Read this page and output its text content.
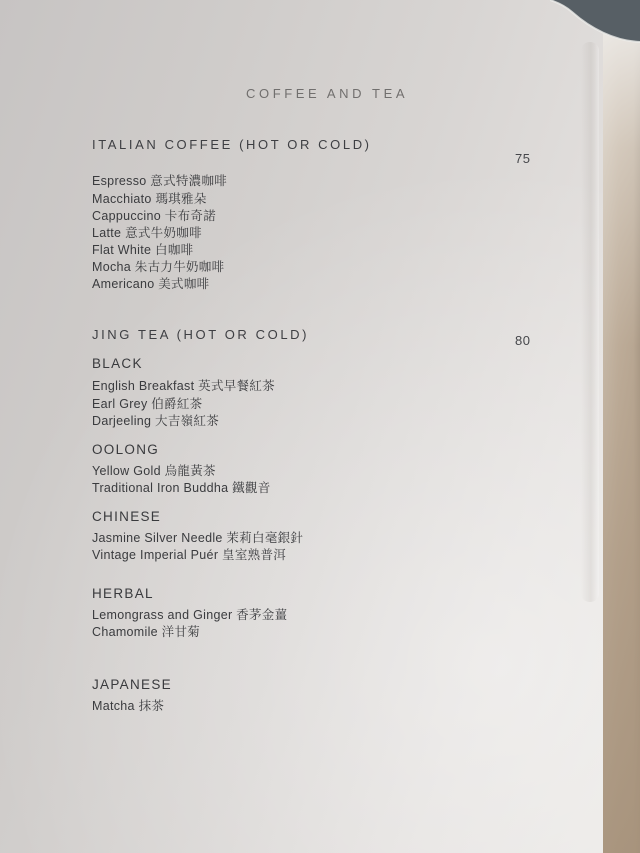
COFFEE AND TEA
ITALIAN COFFEE (HOT OR COLD)
75
Espresso 意式特濃咖啡
Macchiato 瑪琪雅朵
Cappuccino 卡布奇諾
Latte 意式牛奶咖啡
Flat White 白咖啡
Mocha 朱古力牛奶咖啡
Americano 美式咖啡
JING TEA (HOT OR COLD)	80
BLACK
English Breakfast 英式早餐紅茶
Earl Grey 伯爵紅茶
Darjeeling 大吉嶺紅茶
OOLONG
Yellow Gold 烏龍黃茶
Traditional Iron Buddha 鐵觀音
CHINESE
Jasmine Silver Needle 茉莉白毫銀針
Vintage Imperial Puér 皇室熟普洱
HERBAL
Lemongrass and Ginger 香茅金薑
Chamomile 洋甘菊
JAPANESE
Matcha 抹茶
